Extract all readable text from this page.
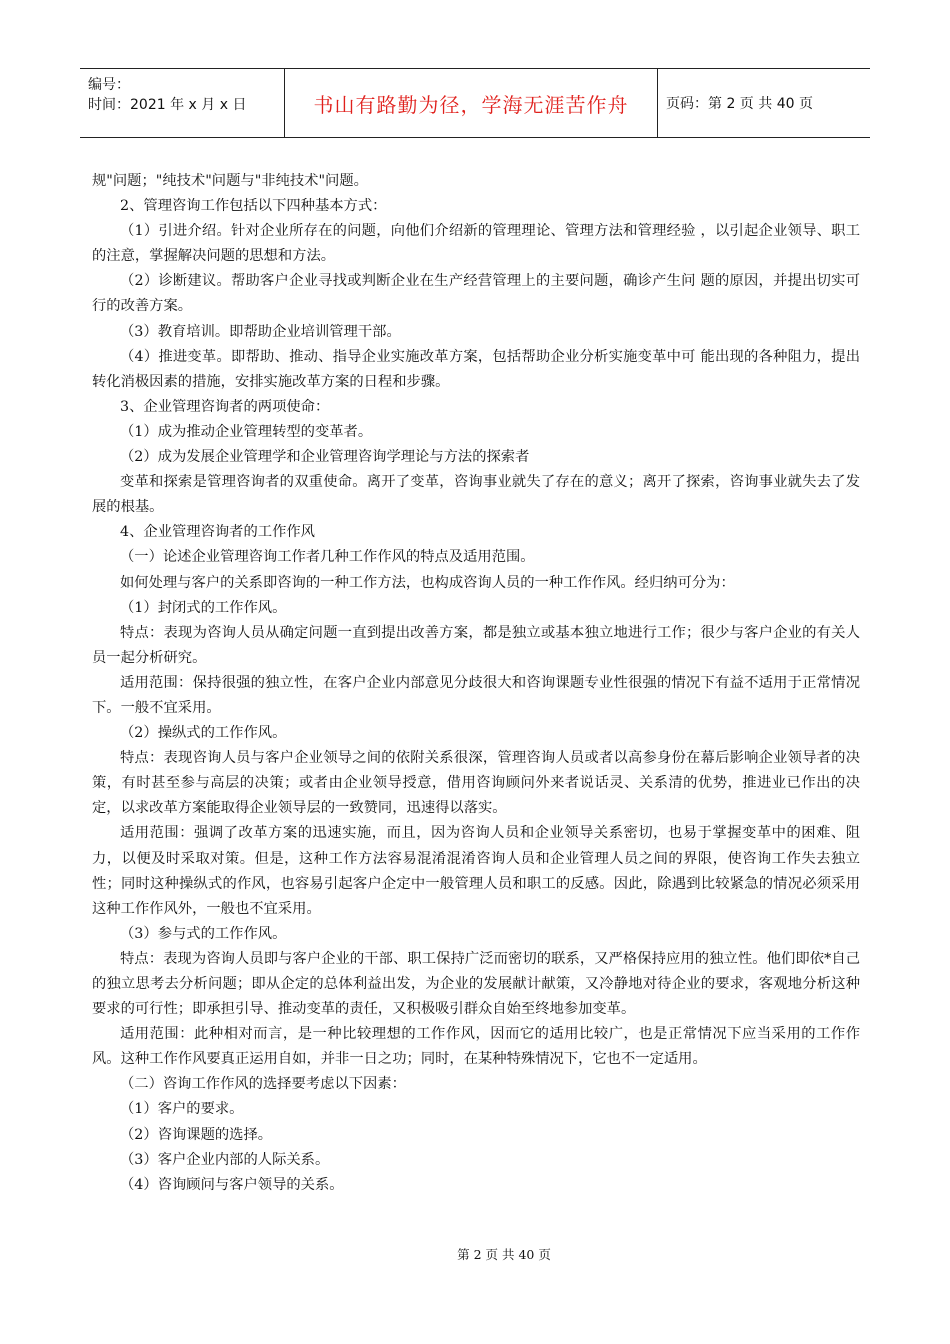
编号：
时间：2021 年 x 月 x 日	书山有路勤为径，学海无涯苦作舟	页码：第 2 页 共 40 页

规"问题；"纯技术"问题与"非纯技术"问题。

2、管理咨询工作包括以下四种基本方式：

（1）引进介绍。针对企业所存在的问题，向他们介绍新的管理理论、管理方法和管理经验 ，以引起企业领导、职工的注意，掌握解决问题的思想和方法。

（2）诊断建议。帮助客户企业寻找或判断企业在生产经营管理上的主要问题，确诊产生问 题的原因，并提出切实可行的改善方案。

（3）教育培训。即帮助企业培训管理干部。

（4）推进变革。即帮助、推动、指导企业实施改革方案，包括帮助企业分析实施变革中可 能出现的各种阻力，提出转化消极因素的措施，安排实施改革方案的日程和步骤。

3、企业管理咨询者的两项使命：

（1）成为推动企业管理转型的变革者。

（2）成为发展企业管理学和企业管理咨询学理论与方法的探索者

变革和探索是管理咨询者的双重使命。离开了变革，咨询事业就失了存在的意义；离开了探索，咨询事业就失去了发展的根基。

4、企业管理咨询者的工作作风

（一）论述企业管理咨询工作者几种工作作风的特点及适用范围。

如何处理与客户的关系即咨询的一种工作方法，也构成咨询人员的一种工作作风。经归纳可分为：

（1）封闭式的工作作风。

特点：表现为咨询人员从确定问题一直到提出改善方案，都是独立或基本独立地进行工作；很少与客户企业的有关人员一起分析研究。

适用范围：保持很强的独立性，在客户企业内部意见分歧很大和咨询课题专业性很强的情况下有益不适用于正常情况下。一般不宜采用。

（2）操纵式的工作作风。

特点：表现咨询人员与客户企业领导之间的依附关系很深，管理咨询人员或者以高参身份在幕后影响企业领导者的决策，有时甚至参与高层的决策；或者由企业领导授意，借用咨询顾问外来者说话灵、关系清的优势，推进业已作出的决定，以求改革方案能取得企业领导层的一致赞同，迅速得以落实。

适用范围：强调了改革方案的迅速实施，而且，因为咨询人员和企业领导关系密切，也易于掌握变革中的困难、阻力，以便及时采取对策。但是，这种工作方法容易混淆混淆咨询人员和企业管理人员之间的界限，使咨询工作失去独立性；同时这种操纵式的作风，也容易引起客户企定中一般管理人员和职工的反感。因此，除遇到比较紧急的情况必须采用这种工作作风外，一般也不宜采用。

（3）参与式的工作作风。

特点：表现为咨询人员即与客户企业的干部、职工保持广泛而密切的联系，又严格保持应用的独立性。他们即依*自己的独立思考去分析问题；即从企定的总体利益出发，为企业的发展献计献策，又冷静地对待企业的要求，客观地分析这种要求的可行性；即承担引导、推动变革的责任，又积极吸引群众自始至终地参加变革。

适用范围：此种相对而言，是一种比较理想的工作作风，因而它的适用比较广，也是正常情况下应当采用的工作作风。这种工作作风要真正运用自如，并非一日之功；同时，在某种特殊情况下，它也不一定适用。

（二）咨询工作作风的选择要考虑以下因素：

（1）客户的要求。

（2）咨询课题的选择。

（3）客户企业内部的人际关系。

（4）咨询顾问与客户领导的关系。

第 2 页 共 40 页
